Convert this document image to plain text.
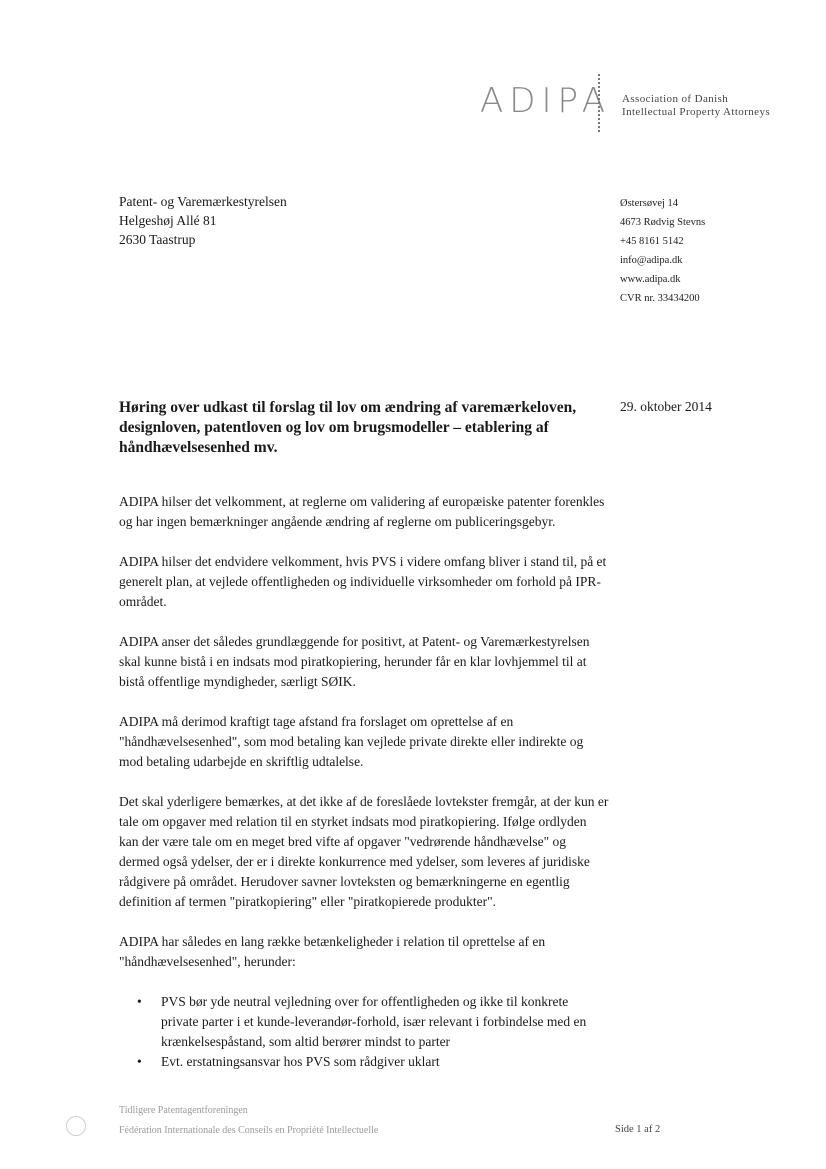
ADIPA Association of Danish
Intellectual Property Attorneys
Patent- og Varemærkestyrelsen
Helgeshøj Allé 81
2630 Taastrup
Østersøvej 14
4673 Rødvig Stevns
+45 8161 5142
info@adipa.dk
www.adipa.dk
CVR nr. 33434200
Høring over udkast til forslag til lov om ændring af varemærkeloven, designloven, patentloven og lov om brugsmodeller – etablering af håndhævelsesenhed mv.
29. oktober 2014

ADIPA hilser det velkomment, at reglerne om validering af europæiske patenter forenkles og har ingen bemærkninger angående ændring af reglerne om publiceringsgebyr.

ADIPA hilser det endvidere velkomment, hvis PVS i videre omfang bliver i stand til, på et generelt plan, at vejlede offentligheden og individuelle virksomheder om forhold på IPR-området.

ADIPA anser det således grundlæggende for positivt, at Patent- og Varemærkestyrelsen skal kunne bistå i en indsats mod piratkopiering, herunder får en klar lovhjemmel til at bistå offentlige myndigheder, særligt SØIK.

ADIPA må derimod kraftigt tage afstand fra forslaget om oprettelse af en "håndhævelsesenhed", som mod betaling kan vejlede private direkte eller indirekte og mod betaling udarbejde en skriftlig udtalelse.

Det skal yderligere bemærkes, at det ikke af de foreslåede lovtekster fremgår, at der kun er tale om opgaver med relation til en styrket indsats mod piratkopiering. Ifølge ordlyden kan der være tale om en meget bred vifte af opgaver "vedrørende håndhævelse" og dermed også ydelser, der er i direkte konkurrence med ydelser, som leveres af juridiske rådgivere på området. Herudover savner lovteksten og bemærkningerne en egentlig definition af termen "piratkopiering" eller "piratkopierede produkter".

ADIPA har således en lang række betænkeligheder i relation til oprettelse af en "håndhævelsesenhed", herunder:

• PVS bør yde neutral vejledning over for offentligheden og ikke til konkrete private parter i et kunde-leverandør-forhold, især relevant i forbindelse med en krænkelsespåstand, som altid berører mindst to parter
• Evt. erstatningsansvar hos PVS som rådgiver uklart
Tidligere Patentagentforeningen
Fédération Internationale des Conseils en Propriété Intellectuelle	Side 1 af 2
